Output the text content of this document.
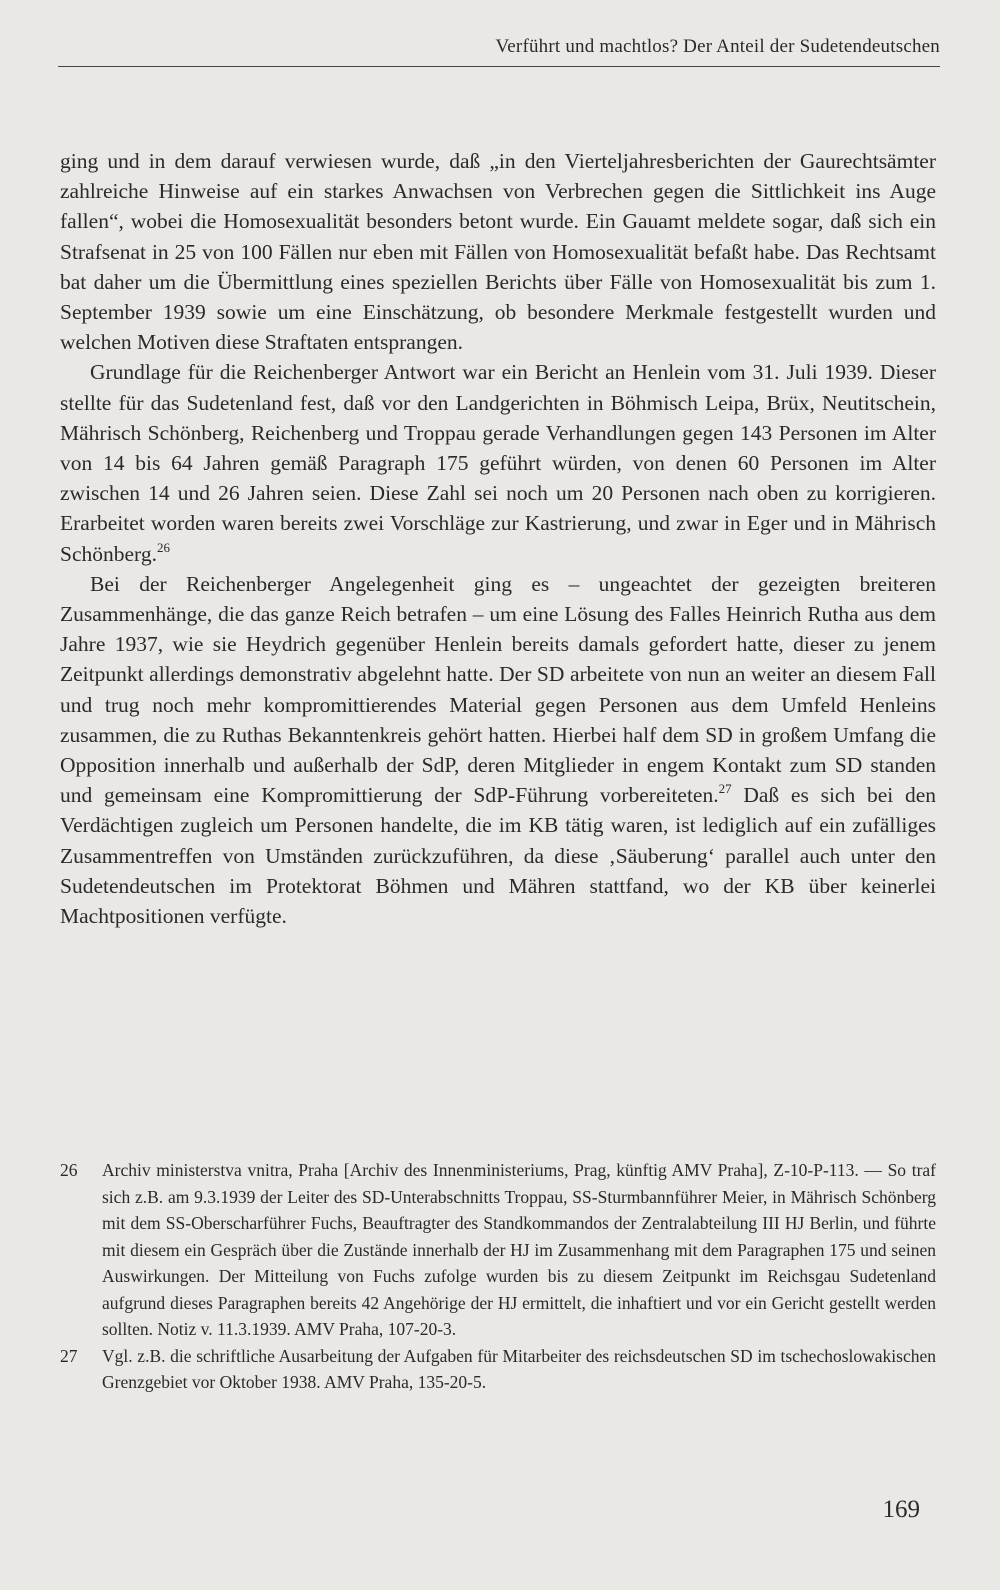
Verführt und machtlos? Der Anteil der Sudetendeutschen

ging und in dem darauf verwiesen wurde, daß „in den Vierteljahresberichten der Gaurechtsämter zahlreiche Hinweise auf ein starkes Anwachsen von Verbrechen gegen die Sittlichkeit ins Auge fallen“, wobei die Homosexualität besonders betont wurde. Ein Gauamt meldete sogar, daß sich ein Strafsenat in 25 von 100 Fällen nur eben mit Fällen von Homosexualität befaßt habe. Das Rechtsamt bat daher um die Übermittlung eines speziellen Berichts über Fälle von Homosexualität bis zum 1. September 1939 sowie um eine Einschätzung, ob besondere Merkmale festgestellt wurden und welchen Motiven diese Straftaten entsprangen.

Grundlage für die Reichenberger Antwort war ein Bericht an Henlein vom 31. Juli 1939. Dieser stellte für das Sudetenland fest, daß vor den Landgerichten in Böhmisch Leipa, Brüx, Neutitschein, Mährisch Schönberg, Reichenberg und Troppau gerade Verhandlungen gegen 143 Personen im Alter von 14 bis 64 Jahren gemäß Paragraph 175 geführt würden, von denen 60 Personen im Alter zwischen 14 und 26 Jahren seien. Diese Zahl sei noch um 20 Personen nach oben zu korrigieren. Erarbeitet worden waren bereits zwei Vorschläge zur Kastrierung, und zwar in Eger und in Mährisch Schönberg.$^{26}$

Bei der Reichenberger Angelegenheit ging es – ungeachtet der gezeigten breiteren Zusammenhänge, die das ganze Reich betrafen – um eine Lösung des Falles Heinrich Rutha aus dem Jahre 1937, wie sie Heydrich gegenüber Henlein bereits damals gefordert hatte, dieser zu jenem Zeitpunkt allerdings demonstrativ abgelehnt hatte. Der SD arbeitete von nun an weiter an diesem Fall und trug noch mehr kompromittierendes Material gegen Personen aus dem Umfeld Henleins zusammen, die zu Ruthas Bekanntenkreis gehört hatten. Hierbei half dem SD in großem Umfang die Opposition innerhalb und außerhalb der SdP, deren Mitglieder in engem Kontakt zum SD standen und gemeinsam eine Kompromittierung der SdP-Führung vorbereiteten.$^{27}$ Daß es sich bei den Verdächtigen zugleich um Personen handelte, die im KB tätig waren, ist lediglich auf ein zufälliges Zusammentreffen von Umständen zurückzuführen, da diese ‚Säuberung‘ parallel auch unter den Sudetendeutschen im Protektorat Böhmen und Mähren stattfand, wo der KB über keinerlei Machtpositionen verfügte.

26	Archiv ministerstva vnitra, Praha [Archiv des Innenministeriums, Prag, künftig AMV Praha], Z-10-P-113. — So traf sich z.B. am 9.3.1939 der Leiter des SD-Unterabschnitts Troppau, SS-Sturmbannführer Meier, in Mährisch Schönberg mit dem SS-Oberscharführer Fuchs, Beauftragter des Standkommandos der Zentralabteilung III HJ Berlin, und führte mit diesem ein Gespräch über die Zustände innerhalb der HJ im Zusammenhang mit dem Paragraphen 175 und seinen Auswirkungen. Der Mitteilung von Fuchs zufolge wurden bis zu diesem Zeitpunkt im Reichsgau Sudetenland aufgrund dieses Paragraphen bereits 42 Angehörige der HJ ermittelt, die inhaftiert und vor ein Gericht gestellt werden sollten. Notiz v. 11.3.1939. AMV Praha, 107-20-3.
27	Vgl. z.B. die schriftliche Ausarbeitung der Aufgaben für Mitarbeiter des reichsdeutschen SD im tschechoslowakischen Grenzgebiet vor Oktober 1938. AMV Praha, 135-20-5.
169
